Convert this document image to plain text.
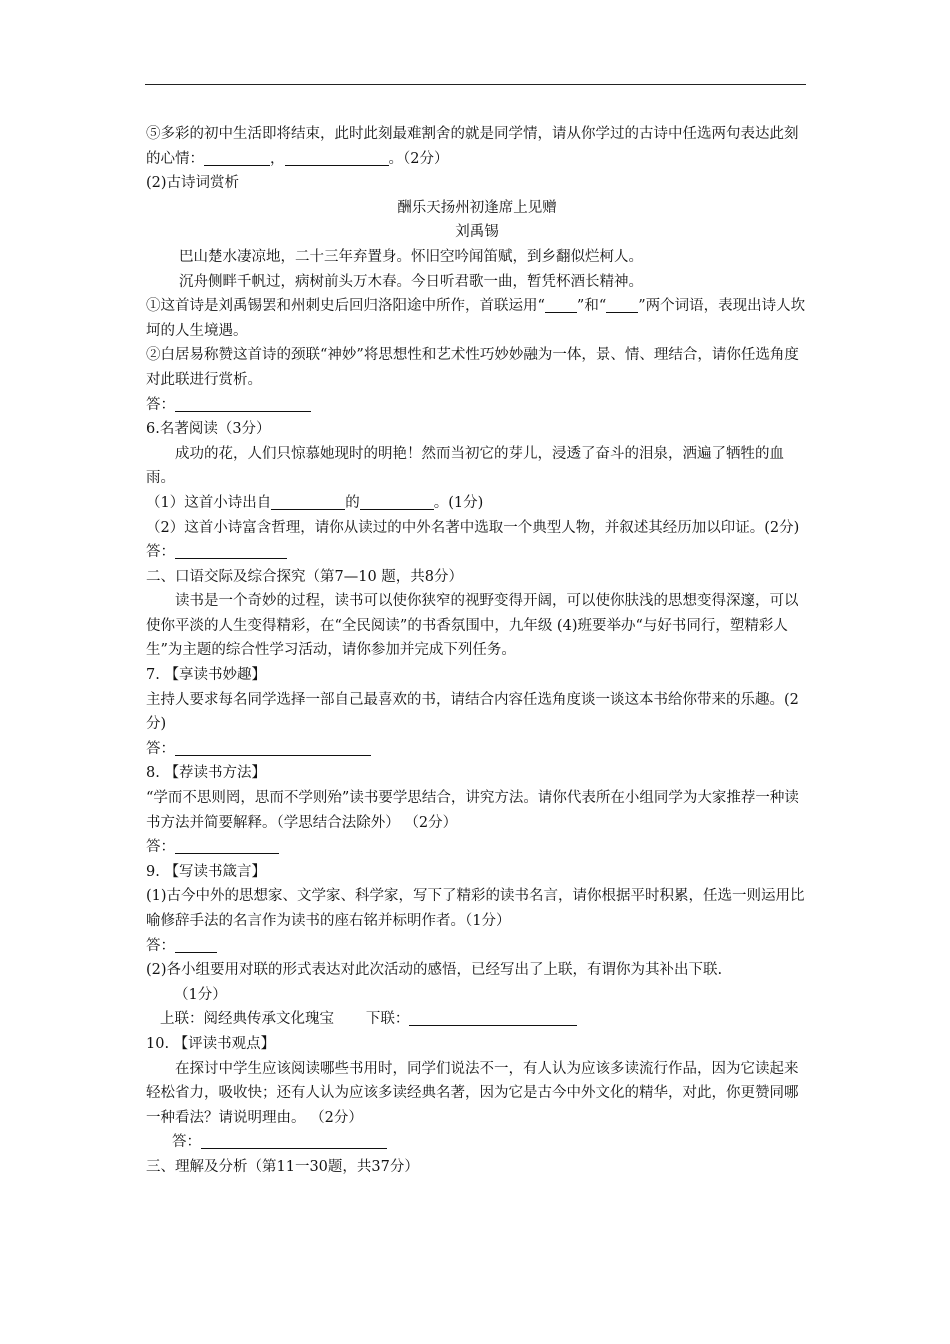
⑤多彩的初中生活即将结束，此时此刻最难割舍的就是同学情，请从你学过的古诗中任选两句表达此刻的心情：	，	。（2分）
(2)古诗词赏析
酬乐天扬州初逢席上见赠
刘禹锡
巴山楚水凄凉地，二十三年弃置身。怀旧空吟闻笛赋，到乡翻似烂柯人。
沉舟侧畔千帆过，病树前头万木春。今日听君歌一曲，暂凭杯酒长精神。
①这首诗是刘禹锡罢和州刺史后回归洛阳途中所作，首联运用“ ”和“ ”两个词语，表现出诗人坎坷的人生境遇。
②白居易称赞这首诗的颈联“神妙”将思想性和艺术性巧妙妙融为一体，景、情、理结合，请你任选角度对此联进行赏析。
答：
6.名著阅读（3分）
成功的花，人们只惊慕她现时的明艳！然而当初它的芽儿，浸透了奋斗的泪泉，洒遍了牺牲的血雨。
（1）这首小诗出自	的	。(1分)
（2）这首小诗富含哲理，请你从读过的中外名著中选取一个典型人物，并叙述其经历加以印证。(2分)
答：
二、口语交际及综合探究（第7—10 题，共8分）
读书是一个奇妙的过程，读书可以使你狭窄的视野变得开阔，可以使你肤浅的思想变得深邃，可以使你平淡的人生变得精彩，在“全民阅读”的书香氛围中，九年级 (4)班要举办“与好书同行，塑精彩人生”为主题的综合性学习活动，请你参加并完成下列任务。
7. 【享读书妙趣】
主持人要求每名同学选择一部自己最喜欢的书，请结合内容任选角度谈一谈这本书给你带来的乐趣。(2分)
答：
8. 【荐读书方法】
“学而不思则罔，思而不学则殆”读书要学思结合，讲究方法。请你代表所在小组同学为大家推荐一种读书方法并简要解释。（学思结合法除外） （2分）
答：
9. 【写读书箴言】
(1)古今中外的思想家、文学家、科学家，写下了精彩的读书名言，请你根据平时积累，任选一则运用比喻修辞手法的名言作为读书的座右铭并标明作者。（1分）
答：
(2)各小组要用对联的形式表达对此次活动的感悟，已经写出了上联，有谓你为其补出下联.
（1分）
上联：阅经典传承文化瑰宝 下联：
10. 【评读书观点】
在探讨中学生应该阅读哪些书用时，同学们说法不一，有人认为应该多读流行作品，因为它读起来轻松省力，吸收快；还有人认为应该多读经典名著，因为它是古今中外文化的精华，对此，你更赞同哪一种看法？请说明理由。 （2分）
答：
三、理解及分析（第11一30题，共37分）
